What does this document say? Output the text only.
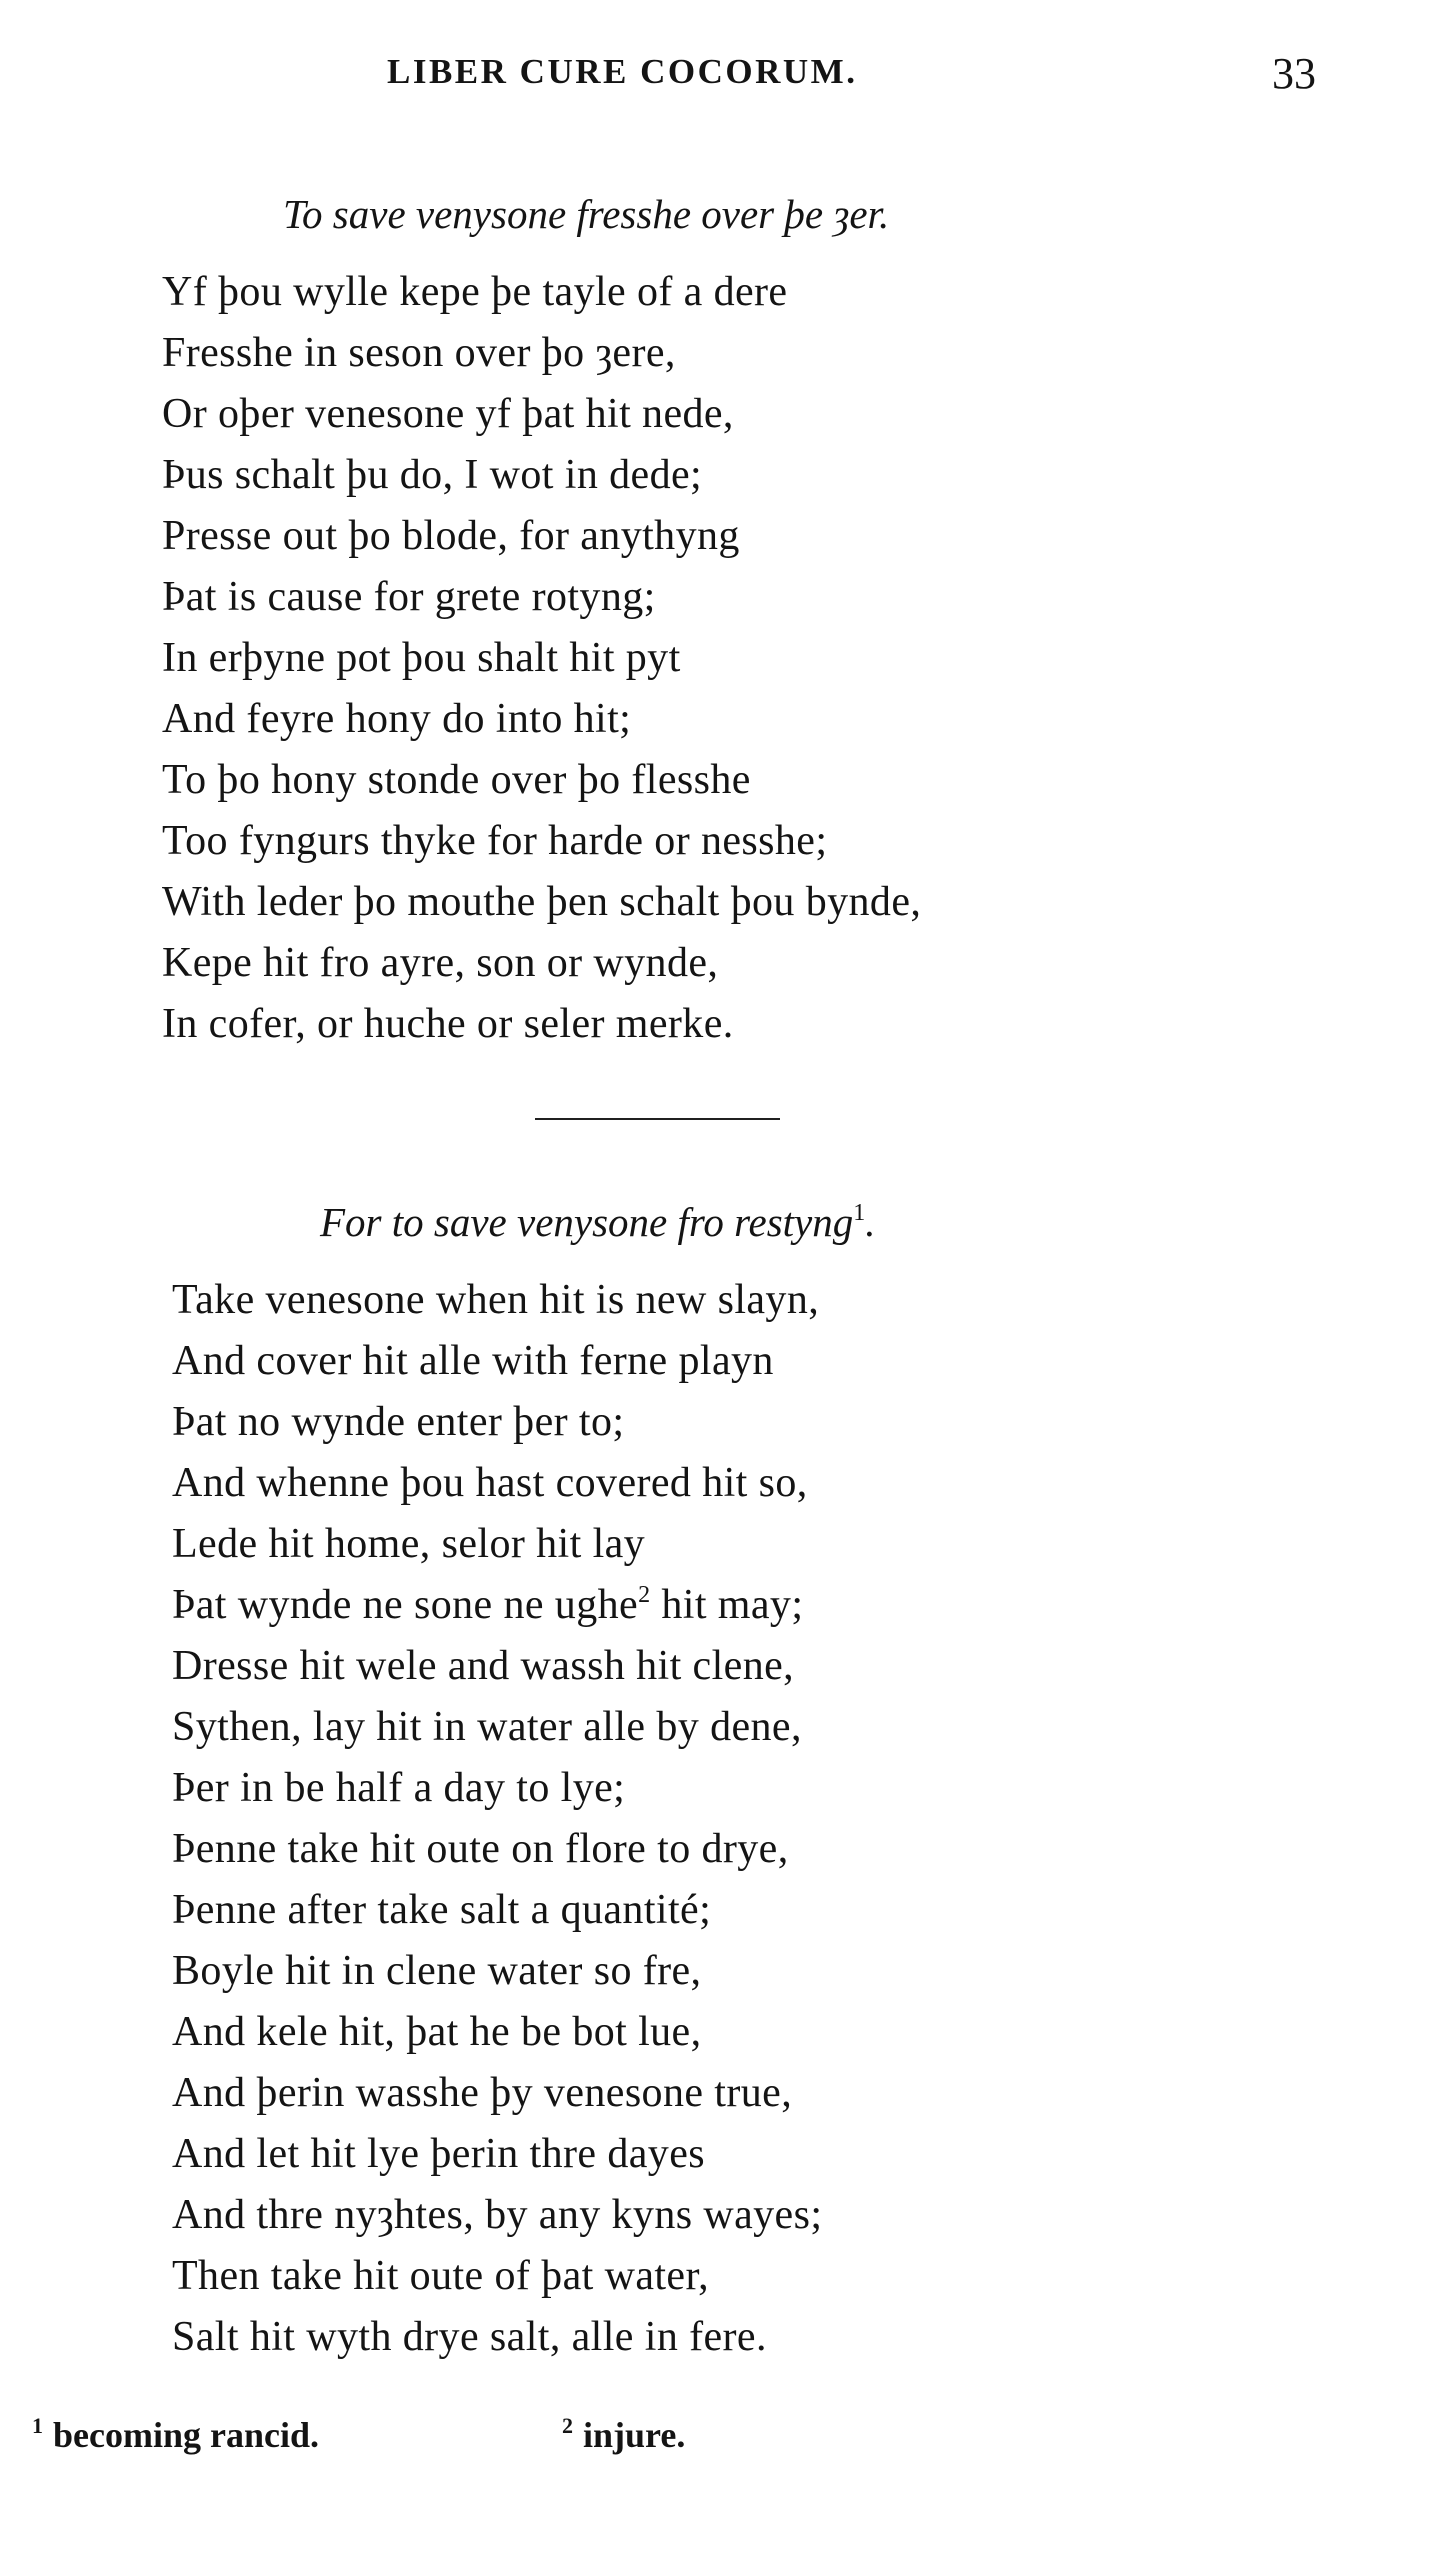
LIBER CURE COCORUM.	33
To save venysone fresshe over þe ȝer.
Yf þou wylle kepe þe tayle of a dere
Fresshe in seson over þo ȝere,
Or oþer venesone yf þat hit nede,
Þus schalt þu do, I wot in dede;
Presse out þo blode, for anythyng
Þat is cause for grete rotyng;
In erþyne pot þou shalt hit pyt
And feyre hony do into hit;
To þo hony stonde over þo flesshe
Too fyngurs thyke for harde or nesshe;
With leder þo mouthe þen schalt þou bynde,
Kepe hit fro ayre, son or wynde,
In cofer, or huche or seler merke.
For to save venysone fro restyng$^1$.
Take venesone when hit is new slayn,
And cover hit alle with ferne playn
Þat no wynde enter þer to;
And whenne þou hast covered hit so,
Lede hit home, selor hit lay
Þat wynde ne sone ne ughe$^2$ hit may;
Dresse hit wele and wassh hit clene,
Sythen, lay hit in water alle by dene,
Þer in be half a day to lye;
Þenne take hit oute on flore to drye,
Þenne after take salt a quantité;
Boyle hit in clene water so fre,
And kele hit, þat he be bot lue,
And þerin wasshe þy venesone true,
And let hit lye þerin thre dayes
And thre nyȝhtes, by any kyns wayes;
Then take hit oute of þat water,
Salt hit wyth drye salt, alle in fere.
$^1$ becoming rancid.	$^2$ injure.
